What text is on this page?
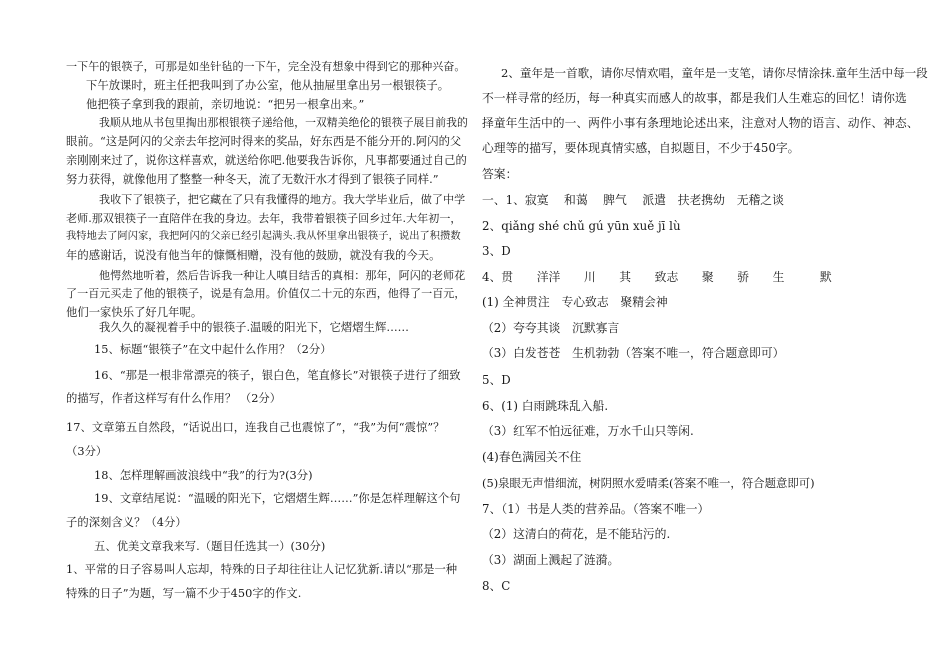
一下午的银筷子，可那是如坐针毡的一下午，完全没有想象中得到它的那种兴奋。
下午放课时，班主任把我叫到了办公室，他从抽屉里拿出另一根银筷子。
他把筷子拿到我的跟前，亲切地说：“把另一根拿出来。”
我顺从地从书包里掏出那根银筷子递给他，一双精美绝伦的银筷子展目前我的
眼前。“这是阿闪的父亲去年挖河时得来的奖品，好东西是不能分开的.阿闪的父
亲刚刚来过了，说你这样喜欢，就送给你吧.他要我告诉你，凡事都要通过自己的
努力获得，就像他用了整整一种冬天，流了无数汗水才得到了银筷子同样.”
我收下了银筷子，把它藏在了只有我懂得的地方。我大学毕业后，做了中学
老师.那双银筷子一直陪伴在我的身边。去年，我带着银筷子回乡过年.大年初一，
我特地去了阿闪家，我把阿闪的父亲已经引起满头.我从怀里拿出银筷子，说出了积攒数
年的感谢话，说没有他当年的慷慨相赠，没有他的鼓励，就没有我的今天。
他愕然地听着，然后告诉我一种让人嗔目结舌的真相：那年，阿闪的老师花
了一百元买走了他的银筷子，说是有急用。价值仅二十元的东西，他得了一百元，
他们一家快乐了好几年呢。
我久久的凝视着手中的银筷子.温暖的阳光下，它熠熠生辉……
15、标题“银筷子”在文中起什么作用？（2分）
16、“那是一根非常漂亮的筷子，银白色，笔直修长”对银筷子进行了细致
的描写，作者这样写有什么作用？ （2分）
17、文章第五自然段，“话说出口，连我自己也震惊了”，“我”为何“震惊”？
（3分）
18、怎样理解画波浪线中“我”的行为?(3分)
19、文章结尾说：“温暖的阳光下，它熠熠生辉……”你是怎样理解这个句
子的深刻含义？（4分）
五、优美文章我来写.（题目任选其一）(30分)
1、平常的日子容易叫人忘却，特殊的日子却往往让人记忆犹新.请以“那是一种
特殊的日子”为题，写一篇不少于450字的作文.
2、童年是一首歌，请你尽情欢唱，童年是一支笔，请你尽情涂抹.童年生活中每一段
不一样寻常的经历，每一种真实而感人的故事，都是我们人生难忘的回忆！请你选
择童年生活中的一、两件小事有条理地论述出来，注意对人物的语言、动作、神态、
心理等的描写，要体现真情实感，自拟题目，不少于450字。
答案：
一、1、寂寞　 和蔼　 脾气　 派遣　扶老携幼　无稽之谈
2、qiǎng shé chǔ gú yūn xuě jī lù
3、D
4、贯　　洋洋　　川　　其　　致志　　聚　　骄　　生　　　默
(1) 全神贯注　专心致志　聚精会神
（2）夸夸其谈　沉默寡言
（3）白发苍苍　生机勃勃（答案不唯一，符合题意即可）
5、D
6、(1) 白雨跳珠乱入船.
（3）红军不怕远征难，万水千山只等闲.
(4)春色满园关不住
(5)泉眼无声惜细流，树阴照水爱晴柔(答案不唯一，符合题意即可)
7、（1）书是人类的营养品。（答案不唯一）
（2）这清白的荷花，是不能玷污的.
（3）湖面上溅起了涟漪。
8、C
